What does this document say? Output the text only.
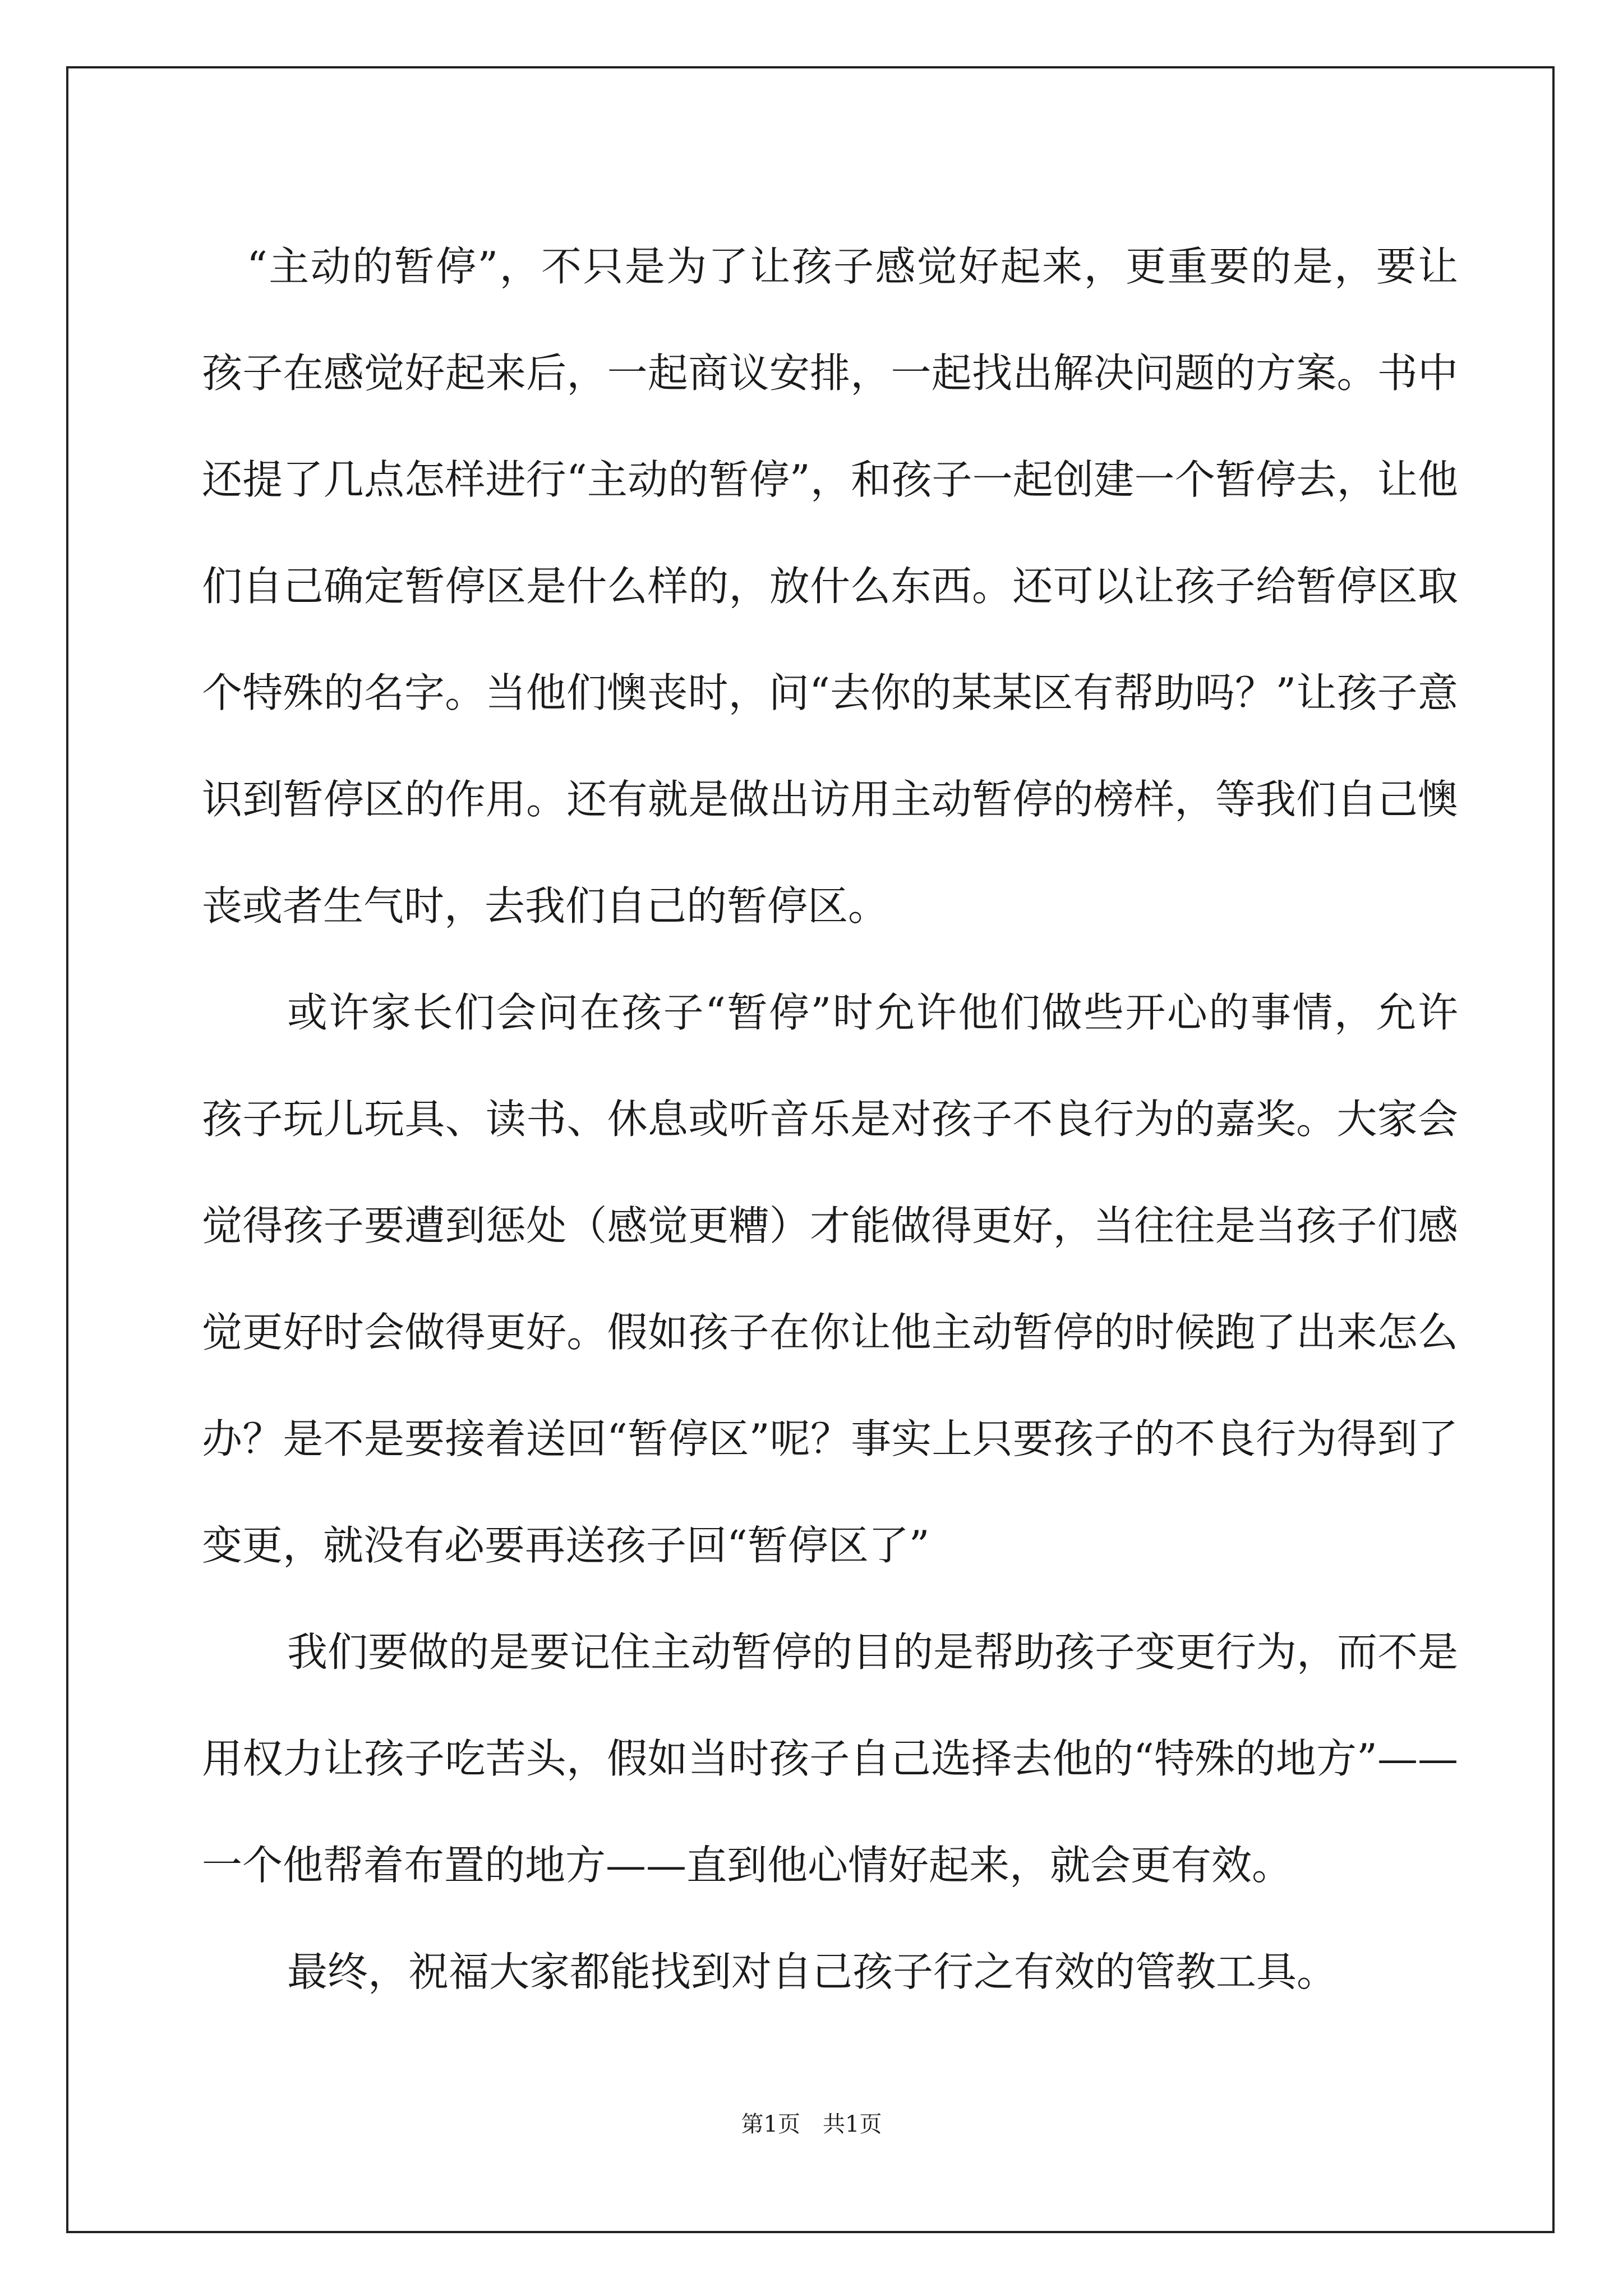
“主动的暂停”，不只是为了让孩子感觉好起来，更重要的是，要让孩子在感觉好起来后，一起商议安排，一起找出解决问题的方案。书中还提了几点怎样进行“主动的暂停”，和孩子一起创建一个暂停去，让他们自己确定暂停区是什么样的，放什么东西。还可以让孩子给暂停区取个特殊的名字。当他们懊丧时，问“去你的某某区有帮助吗？”让孩子意识到暂停区的作用。还有就是做出访用主动暂停的榜样，等我们自己懊丧或者生气时，去我们自己的暂停区。

或许家长们会问在孩子“暂停”时允许他们做些开心的事情，允许孩子玩儿玩具、读书、休息或听音乐是对孩子不良行为的嘉奖。大家会觉得孩子要遭到惩处（感觉更糟）才能做得更好，当往往是当孩子们感觉更好时会做得更好。假如孩子在你让他主动暂停的时候跑了出来怎么办？是不是要接着送回“暂停区”呢？事实上只要孩子的不良行为得到了变更，就没有必要再送孩子回“暂停区了”

我们要做的是要记住主动暂停的目的是帮助孩子变更行为，而不是用权力让孩子吃苦头，假如当时孩子自己选择去他的“特殊的地方”——一个他帮着布置的地方——直到他心情好起来，就会更有效。

最终，祝福大家都能找到对自己孩子行之有效的管教工具。

第1页　共1页
